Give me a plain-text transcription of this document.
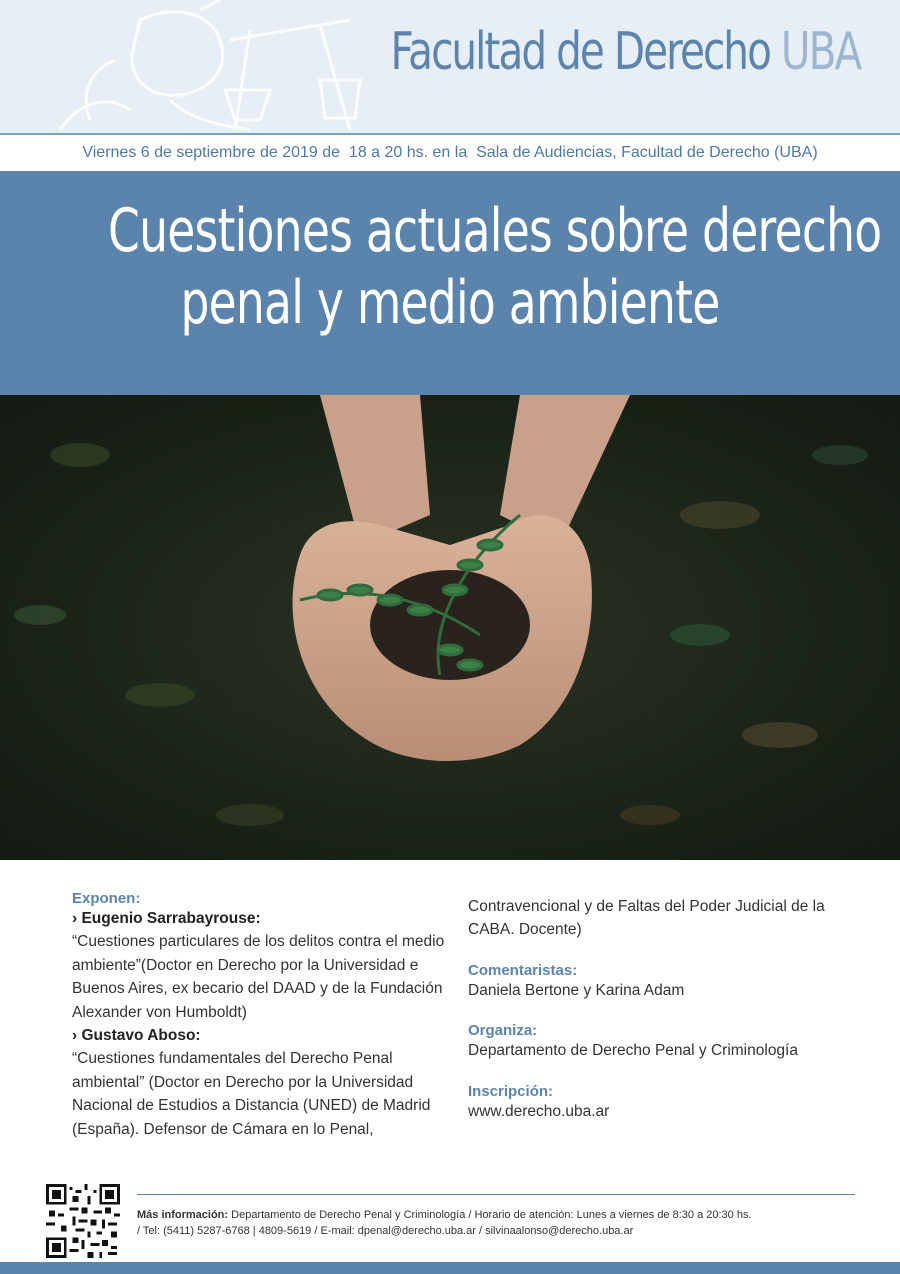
Facultad de Derecho UBA
Viernes 6 de septiembre de 2019 de  18 a 20 hs. en la  Sala de Audiencias, Facultad de Derecho (UBA)
Cuestiones actuales sobre derecho
penal y medio ambiente
Exponen:
› Eugenio Sarrabayrouse:
“Cuestiones particulares de los delitos contra el medio ambiente”(Doctor en Derecho por la Universidad e Buenos Aires, ex becario del DAAD y de la Fundación Alexander von Humboldt)
› Gustavo Aboso:
“Cuestiones fundamentales del Derecho Penal ambiental” (Doctor en Derecho por la Universidad Nacional de Estudios a Distancia (UNED) de Madrid (España). Defensor de Cámara en lo Penal,
Contravencional y de Faltas del Poder Judicial de la CABA. Docente)
Comentaristas:
Daniela Bertone y Karina Adam
Organiza:
Departamento de Derecho Penal y Criminología
Inscripción:
www.derecho.uba.ar
Más información: Departamento de Derecho Penal y Criminología / Horario de atención: Lunes a viernes de 8:30 a 20:30 hs.
/ Tel: (5411) 5287-6768 | 4809-5619 / E-mail: dpenal@derecho.uba.ar / silvinaalonso@derecho.uba.ar
